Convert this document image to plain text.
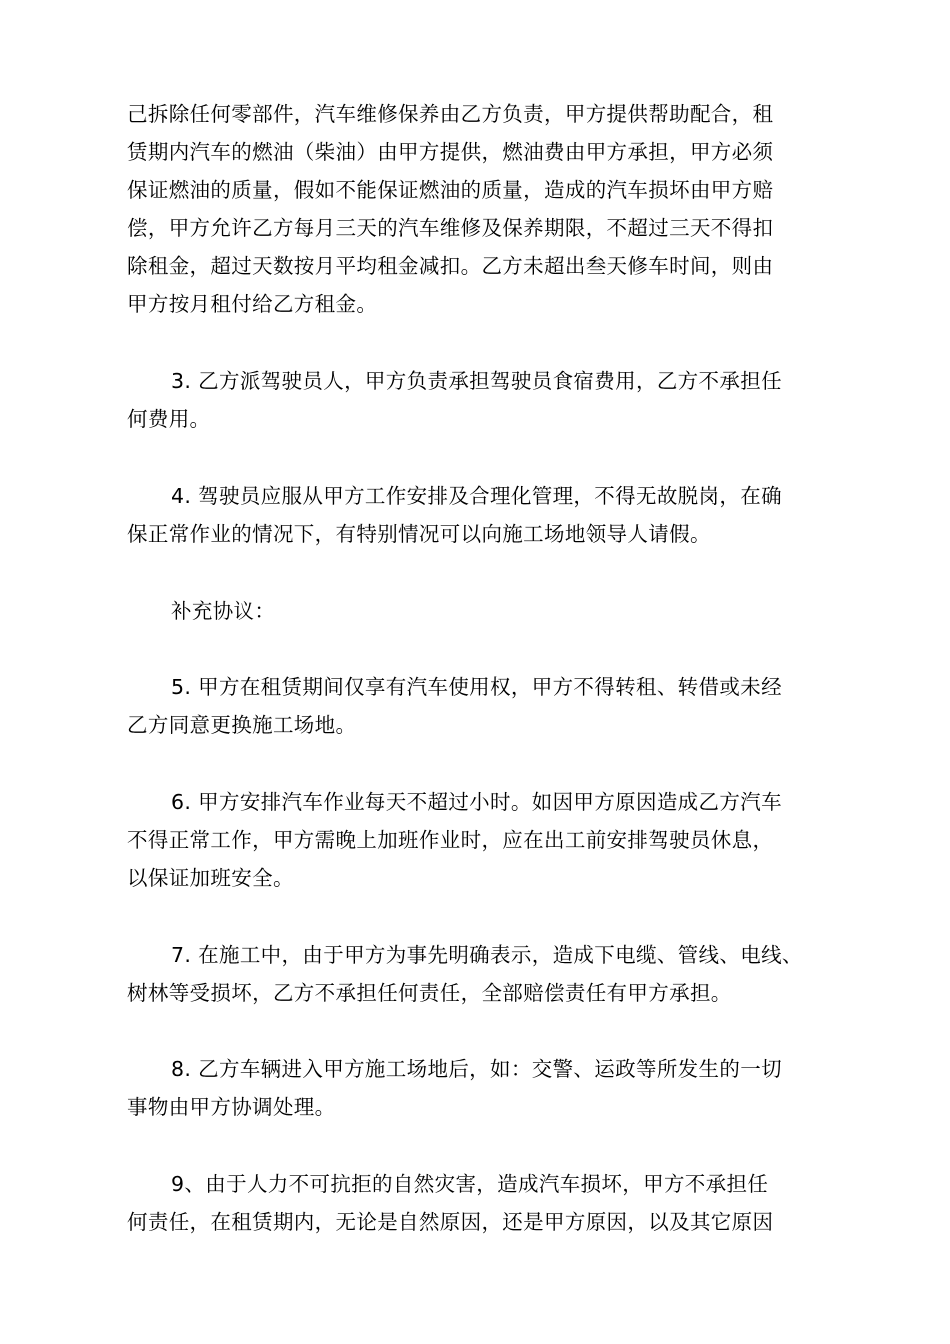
己拆除任何零部件，汽车维修保养由乙方负责，甲方提供帮助配合，租
赁期内汽车的燃油（柴油）由甲方提供，燃油费由甲方承担，甲方必须
保证燃油的质量，假如不能保证燃油的质量，造成的汽车损坏由甲方赔
偿，甲方允许乙方每月三天的汽车维修及保养期限，不超过三天不得扣
除租金，超过天数按月平均租金减扣。乙方未超出叁天修车时间，则由
甲方按月租付给乙方租金。
3. 乙方派驾驶员人，甲方负责承担驾驶员食宿费用，乙方不承担任
何费用。
4. 驾驶员应服从甲方工作安排及合理化管理，不得无故脱岗，在确
保正常作业的情况下，有特别情况可以向施工场地领导人请假。
补充协议：
5. 甲方在租赁期间仅享有汽车使用权，甲方不得转租、转借或未经
乙方同意更换施工场地。
6. 甲方安排汽车作业每天不超过小时。如因甲方原因造成乙方汽车
不得正常工作，甲方需晚上加班作业时，应在出工前安排驾驶员休息，
以保证加班安全。
7. 在施工中，由于甲方为事先明确表示，造成下电缆、管线、电线、
树林等受损坏，乙方不承担任何责任，全部赔偿责任有甲方承担。
8. 乙方车辆进入甲方施工场地后，如：交警、运政等所发生的一切
事物由甲方协调处理。
9、由于人力不可抗拒的自然灾害，造成汽车损坏，甲方不承担任
何责任，在租赁期内，无论是自然原因，还是甲方原因，以及其它原因
